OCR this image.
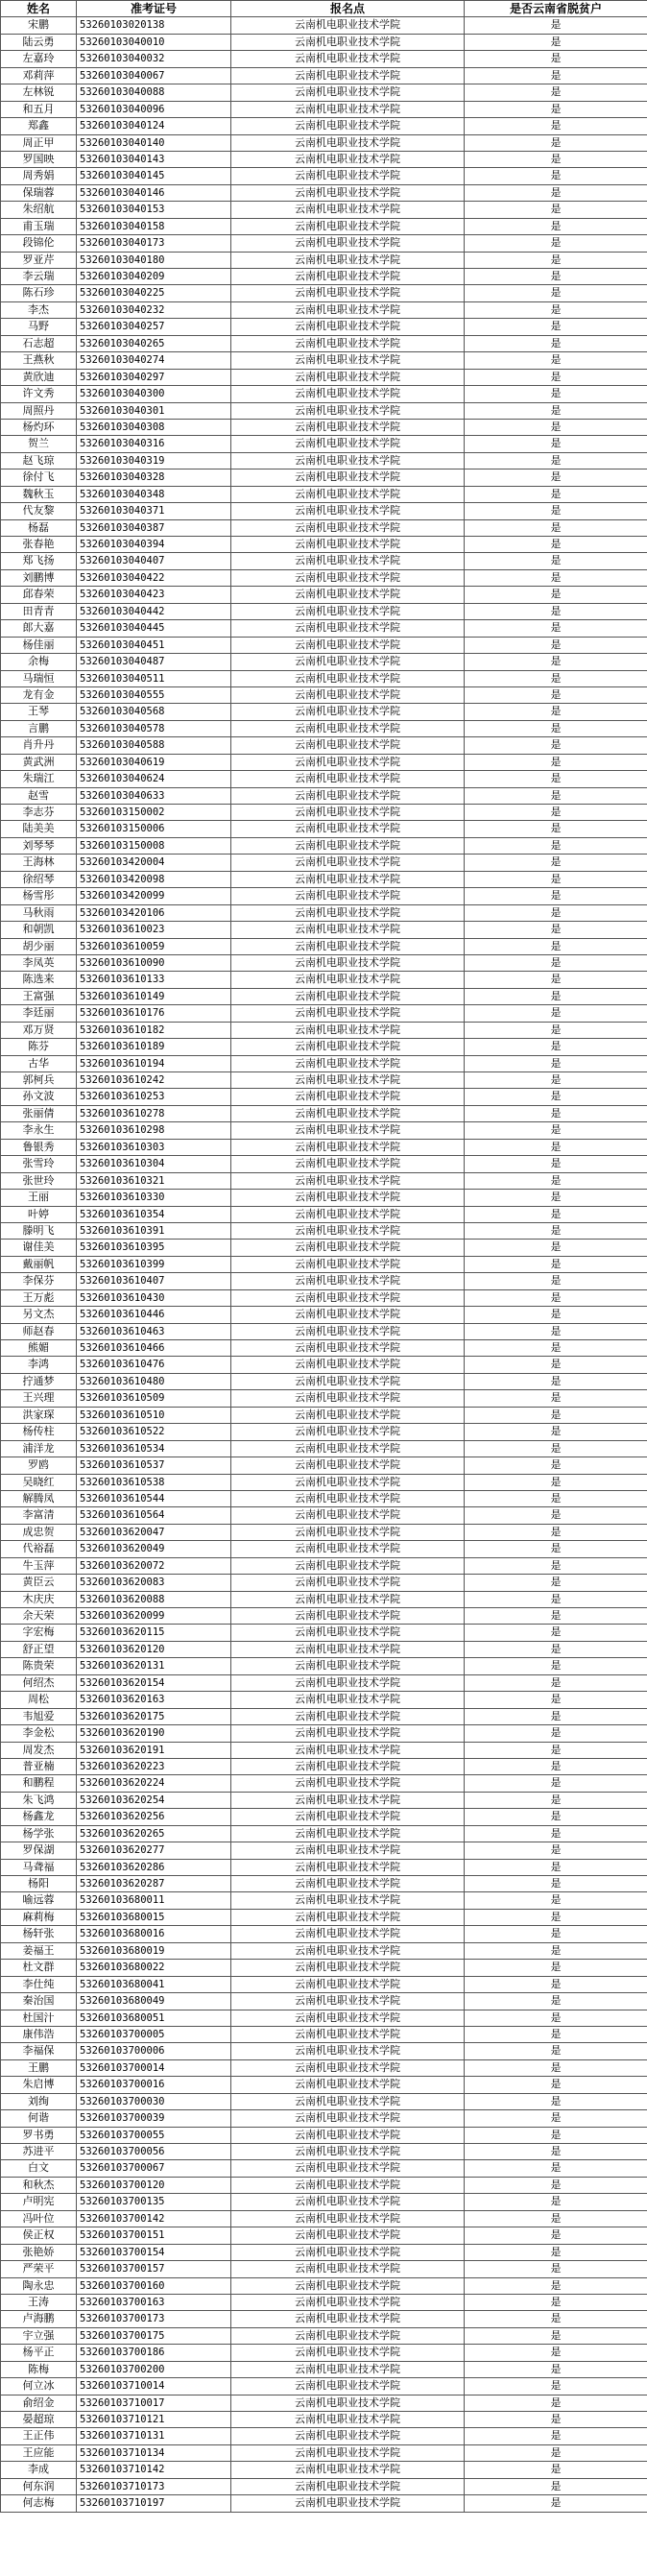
姓名	准考证号	报名点	是否云南省脱贫户
宋鹏	53260103020138	云南机电职业技术学院	是
陆云勇	53260103040010	云南机电职业技术学院	是
左嘉玲	53260103040032	云南机电职业技术学院	是
邓莉萍	53260103040067	云南机电职业技术学院	是
左林锐	53260103040088	云南机电职业技术学院	是
和五月	53260103040096	云南机电职业技术学院	是
郑鑫	53260103040124	云南机电职业技术学院	是
周正甲	53260103040140	云南机电职业技术学院	是
罗国映	53260103040143	云南机电职业技术学院	是
周秀娟	53260103040145	云南机电职业技术学院	是
保瑞蓉	53260103040146	云南机电职业技术学院	是
朱绍航	53260103040153	云南机电职业技术学院	是
甫玉瑞	53260103040158	云南机电职业技术学院	是
段锦伦	53260103040173	云南机电职业技术学院	是
罗亚芹	53260103040180	云南机电职业技术学院	是
李云瑞	53260103040209	云南机电职业技术学院	是
陈石珍	53260103040225	云南机电职业技术学院	是
李杰	53260103040232	云南机电职业技术学院	是
马野	53260103040257	云南机电职业技术学院	是
石志超	53260103040265	云南机电职业技术学院	是
王燕秋	53260103040274	云南机电职业技术学院	是
黄欣迪	53260103040297	云南机电职业技术学院	是
许文秀	53260103040300	云南机电职业技术学院	是
周照丹	53260103040301	云南机电职业技术学院	是
杨灼环	53260103040308	云南机电职业技术学院	是
贺兰	53260103040316	云南机电职业技术学院	是
赵飞琼	53260103040319	云南机电职业技术学院	是
徐付飞	53260103040328	云南机电职业技术学院	是
魏秋玉	53260103040348	云南机电职业技术学院	是
代友黎	53260103040371	云南机电职业技术学院	是
杨磊	53260103040387	云南机电职业技术学院	是
张春艳	53260103040394	云南机电职业技术学院	是
郑飞扬	53260103040407	云南机电职业技术学院	是
刘鹏博	53260103040422	云南机电职业技术学院	是
邱春荣	53260103040423	云南机电职业技术学院	是
田青青	53260103040442	云南机电职业技术学院	是
郎大嘉	53260103040445	云南机电职业技术学院	是
杨佳丽	53260103040451	云南机电职业技术学院	是
余梅	53260103040487	云南机电职业技术学院	是
马瑞恒	53260103040511	云南机电职业技术学院	是
龙有金	53260103040555	云南机电职业技术学院	是
王琴	53260103040568	云南机电职业技术学院	是
言鹏	53260103040578	云南机电职业技术学院	是
肖升丹	53260103040588	云南机电职业技术学院	是
黄武洲	53260103040619	云南机电职业技术学院	是
朱瑞江	53260103040624	云南机电职业技术学院	是
赵雪	53260103040633	云南机电职业技术学院	是
李志芬	53260103150002	云南机电职业技术学院	是
陆美美	53260103150006	云南机电职业技术学院	是
刘琴琴	53260103150008	云南机电职业技术学院	是
王海林	53260103420004	云南机电职业技术学院	是
徐绍琴	53260103420098	云南机电职业技术学院	是
杨雪彤	53260103420099	云南机电职业技术学院	是
马秋雨	53260103420106	云南机电职业技术学院	是
和朝凯	53260103610023	云南机电职业技术学院	是
胡少丽	53260103610059	云南机电职业技术学院	是
李凤英	53260103610090	云南机电职业技术学院	是
陈选来	53260103610133	云南机电职业技术学院	是
王富强	53260103610149	云南机电职业技术学院	是
李廷丽	53260103610176	云南机电职业技术学院	是
邓万贤	53260103610182	云南机电职业技术学院	是
陈芬	53260103610189	云南机电职业技术学院	是
古华	53260103610194	云南机电职业技术学院	是
郭柯兵	53260103610242	云南机电职业技术学院	是
孙文波	53260103610253	云南机电职业技术学院	是
张丽倩	53260103610278	云南机电职业技术学院	是
李永生	53260103610298	云南机电职业技术学院	是
鲁银秀	53260103610303	云南机电职业技术学院	是
张雪玲	53260103610304	云南机电职业技术学院	是
张世玲	53260103610321	云南机电职业技术学院	是
王丽	53260103610330	云南机电职业技术学院	是
叶婷	53260103610354	云南机电职业技术学院	是
滕明飞	53260103610391	云南机电职业技术学院	是
谢佳美	53260103610395	云南机电职业技术学院	是
戴丽帆	53260103610399	云南机电职业技术学院	是
李保芬	53260103610407	云南机电职业技术学院	是
王万彪	53260103610430	云南机电职业技术学院	是
另文杰	53260103610446	云南机电职业技术学院	是
师赵春	53260103610463	云南机电职业技术学院	是
熊媚	53260103610466	云南机电职业技术学院	是
李鸿	53260103610476	云南机电职业技术学院	是
拧通梦	53260103610480	云南机电职业技术学院	是
王兴理	53260103610509	云南机电职业技术学院	是
洪家琛	53260103610510	云南机电职业技术学院	是
杨传柱	53260103610522	云南机电职业技术学院	是
浦洋龙	53260103610534	云南机电职业技术学院	是
罗鸥	53260103610537	云南机电职业技术学院	是
吴晓红	53260103610538	云南机电职业技术学院	是
解腾凤	53260103610544	云南机电职业技术学院	是
李富清	53260103610564	云南机电职业技术学院	是
成忠贺	53260103620047	云南机电职业技术学院	是
代裕磊	53260103620049	云南机电职业技术学院	是
牛玉萍	53260103620072	云南机电职业技术学院	是
黄臣云	53260103620083	云南机电职业技术学院	是
木庆庆	53260103620088	云南机电职业技术学院	是
余天荣	53260103620099	云南机电职业技术学院	是
字宏梅	53260103620115	云南机电职业技术学院	是
舒正望	53260103620120	云南机电职业技术学院	是
陈贵荣	53260103620131	云南机电职业技术学院	是
何绍杰	53260103620154	云南机电职业技术学院	是
周松	53260103620163	云南机电职业技术学院	是
韦旭爱	53260103620175	云南机电职业技术学院	是
李金松	53260103620190	云南机电职业技术学院	是
周发杰	53260103620191	云南机电职业技术学院	是
普亚楠	53260103620223	云南机电职业技术学院	是
和鹏程	53260103620224	云南机电职业技术学院	是
朱飞鸿	53260103620254	云南机电职业技术学院	是
杨鑫龙	53260103620256	云南机电职业技术学院	是
杨学张	53260103620265	云南机电职业技术学院	是
罗保湖	53260103620277	云南机电职业技术学院	是
马聋福	53260103620286	云南机电职业技术学院	是
杨阳	53260103620287	云南机电职业技术学院	是
喻远蓉	53260103680011	云南机电职业技术学院	是
麻莉梅	53260103680015	云南机电职业技术学院	是
杨轩张	53260103680016	云南机电职业技术学院	是
姜福王	53260103680019	云南机电职业技术学院	是
杜文群	53260103680022	云南机电职业技术学院	是
李仕纯	53260103680041	云南机电职业技术学院	是
秦治国	53260103680049	云南机电职业技术学院	是
杜国汁	53260103680051	云南机电职业技术学院	是
康伟浩	53260103700005	云南机电职业技术学院	是
李福保	53260103700006	云南机电职业技术学院	是
王鹏	53260103700014	云南机电职业技术学院	是
朱启博	53260103700016	云南机电职业技术学院	是
刘绚	53260103700030	云南机电职业技术学院	是
何谐	53260103700039	云南机电职业技术学院	是
罗书勇	53260103700055	云南机电职业技术学院	是
苏进平	53260103700056	云南机电职业技术学院	是
白文	53260103700067	云南机电职业技术学院	是
和秋杰	53260103700120	云南机电职业技术学院	是
卢明宪	53260103700135	云南机电职业技术学院	是
冯叶位	53260103700142	云南机电职业技术学院	是
侯正权	53260103700151	云南机电职业技术学院	是
张艳娇	53260103700154	云南机电职业技术学院	是
严荣平	53260103700157	云南机电职业技术学院	是
陶永忠	53260103700160	云南机电职业技术学院	是
王涛	53260103700163	云南机电职业技术学院	是
卢海鹏	53260103700173	云南机电职业技术学院	是
宇立强	53260103700175	云南机电职业技术学院	是
杨平正	53260103700186	云南机电职业技术学院	是
陈梅	53260103700200	云南机电职业技术学院	是
何立冰	53260103710014	云南机电职业技术学院	是
俞绍金	53260103710017	云南机电职业技术学院	是
晏超琼	53260103710121	云南机电职业技术学院	是
王正伟	53260103710131	云南机电职业技术学院	是
王应能	53260103710134	云南机电职业技术学院	是
李成	53260103710142	云南机电职业技术学院	是
何东润	53260103710173	云南机电职业技术学院	是
何志梅	53260103710197	云南机电职业技术学院	是
